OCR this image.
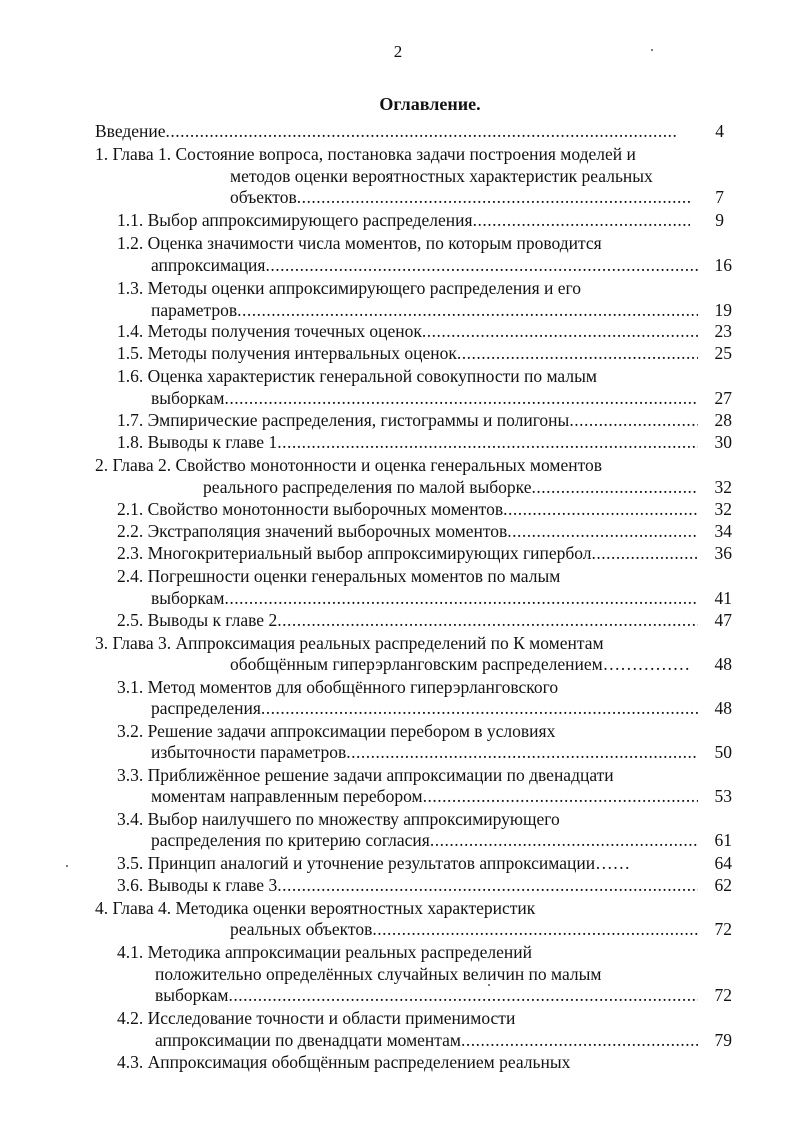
2
Оглавление.
Введение .....	4
1. Глава 1. Состояние вопроса, постановка задачи построения моделей и
методов оценки вероятностных характеристик реальных
объектов .....	7
1.1. Выбор аппроксимирующего распределения .....	9
1.2. Оценка значимости числа моментов, по которым проводится
аппроксимация .....	16
1.3. Методы оценки аппроксимирующего распределения и его
параметров .....	19
1.4. Методы получения точечных оценок .....	23
1.5. Методы получения интервальных оценок .....	25
1.6. Оценка характеристик генеральной совокупности по малым
выборкам .....	27
1.7. Эмпирические распределения, гистограммы и полигоны .....	28
1.8. Выводы к главе 1 .....	30
2. Глава 2. Свойство монотонности и оценка генеральных моментов
реального распределения по малой выборке .....	32
2.1. Свойство монотонности выборочных моментов .....	32
2.2. Экстраполяция значений выборочных моментов .....	34
2.3. Многокритериальный выбор аппроксимирующих гипербол .....	36
2.4. Погрешности оценки генеральных моментов по малым
выборкам .....	41
2.5. Выводы к главе 2 .....	47
3. Глава 3. Аппроксимация реальных распределений по К моментам
обобщённым гиперэрланговским распределением……………	48
3.1. Метод моментов для обобщённого гиперэрланговского
распределения .....	48
3.2. Решение задачи аппроксимации перебором в условиях
избыточности параметров .....	50
3.3. Приближённое решение задачи аппроксимации по двенадцати
моментам направленным перебором .....	53
3.4. Выбор наилучшего по множеству аппроксимирующего
распределения по критерию согласия .....	61
3.5. Принцип аналогий и уточнение результатов аппроксимации……	64
3.6. Выводы к главе 3 .....	62
4. Глава 4. Методика оценки вероятностных характеристик
реальных объектов .....	72
4.1. Методика аппроксимации реальных распределений
положительно определённых случайных величин по малым
выборкам .....	72
4.2. Исследование точности и области применимости
аппроксимации по двенадцати моментам .....	79
4.3. Аппроксимация обобщённым распределением реальных
